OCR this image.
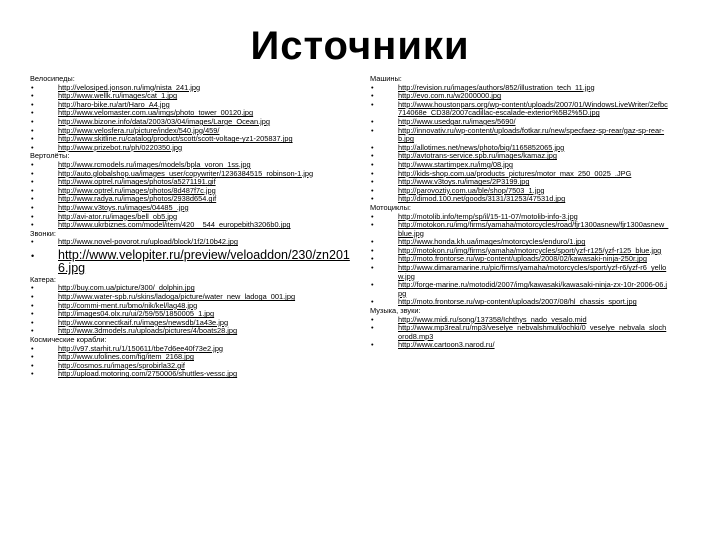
Источники
Велосипеды:
• http://velosiped.jonson.ru/img/nista_241.jpg
• http://www.wellk.ru/images/cat_1.jpg
• http://haro-bike.ru/art/Haro_A4.jpg
• http://www.velomaster.com.ua/imgs/photo_tower_00120.jpg
• http://www.bizone.info/data/2003/03/04/images/Large_Ocean.jpg
• http://www.velosfera.ru/picture/index/540.jpg/459/
• http://www.skitline.ru/catalog/product/scott/scott-voltage-yz1-205837.jpg
• http://www.prizebot.ru/ph/0220350.jpg
Вертолёты:
• http://www.rcmodels.ru/images/models/bpla_voron_1ss.jpg
• http://auto.globalshop.ua/images_user/copywriter/1236384515_robinson-1.jpg
• http://www.optrel.ru/images/photos/a5271191.gif
• http://www.optrel.ru/images/photos/8d487f7c.jpg
• http://www.radya.ru/images/photos/2938d654.gif
• http://www.v3toys.ru/images/04485_.jpg
• http://avi-ator.ru/images/bell_ob5.jpg
• http://www.ukrbiznes.com/model/item/420__544_europebith3206b0.jpg
Звонки:
• http://www.novel-povorot.ru/upload/block/1f2/10b42.jpg
• http://www.velopiter.ru/preview/veloaddon/230/zn2016.jpg
Катера:
• http://buy.com.ua/picture/300/_dolphin.jpg
• http://www.water-spb.ru/skins/ladoga/picture/water_new_ladoga_001.jpg
• http://commi-ment.ru/bmo/nik/kel/lag48.jpg
• http://images04.olx.ru/ui/2/59/55/1850005_1.jpg
• http://www.connectkaif.ru/images/newsdb/1a43e.jpg
• http://www.3dmodels.ru/uploads/pictures/4/boats28.jpg
Космические корабли:
• http://v97.starhit.ru/1/150611/tbe7d6ee40f73e2.jpg
• http://www.ufolines.com/fig/item_2168.jpg
• http://cosmos.ru/images/sprobirla32.gif
• http://upload.motoring.com/2750006/shuttles-vessc.jpg
Машины:
• http://revision.ru/images/authors/852/illustration_tech_11.jpg
• http://evo.com.ru/w2000000.jpg
• http://www.houstonpars.org/wp-content/uploads/2007/01/WindowsLiveWriter/2efbc714068e_CD38/2007cadillac-escalade-exterior%5B2%5D.jpg
• http://www.usedgar.ru/images/5690/
• http://innovativ.ru/wp-content/uploads/fotkar.ru/new/specfaez-sp-rear/gaz-sp-rear-b.jpg
• http://allotimes.net/news/photo/big/1165852065.jpg
• http://avtotrans-service.spb.ru/images/kamaz.jpg
• http://www.startimpex.ru/img/08.jpg
• http://kids-shop.com.ua/products_pictures/motor_max_250_0025_.JPG
• http://www.v3toys.ru/images/2P3199.jpg
• http://parovoztiy.com.ua/ble/shop/7503_1.jpg
• http://dimod.100.net/goods/3131/31253/47531d.jpg
Мотоциклы:
• http://motolib.info/temp/sp/il/15-11-07/motolib-info-3.jpg
• http://motokon.ru/img/firms/yamaha/motorcycles/road/fjr1300asnew/fjr1300asnew_blue.jpg
• http://www.honda.kh.ua/images/motorcycles/enduro/1.jpg
• http://motokon.ru/img/firms/yamaha/motorcycles/sport/yzf-r125/yzf-r125_blue.jpg
• http://moto.frontorse.ru/wp-content/uploads/2008/02/kawasaki-ninja-250r.jpg
• http://www.dimaramarine.ru/pic/firms/yamaha/motorcycles/sport/yzf-r6/yzf-r6_yellow.jpg
• http://forge-marine.ru/motodid/2007/img/kawasaki/kawasaki-ninja-zx-10r-2006-06.jpg
• http://moto.frontorse.ru/wp-content/uploads/2007/08/hl_chassis_sport.jpg
Музыка, звуки:
• http://www.midi.ru/song/137358/Ichthys_nado_vesalo.mid
• http://www.mp3real.ru/mp3/veselye_nebvalshmuli/ochki/0_veselye_nebvala_slochorod8.mp3
• http://www.cartoon3.narod.ru/
